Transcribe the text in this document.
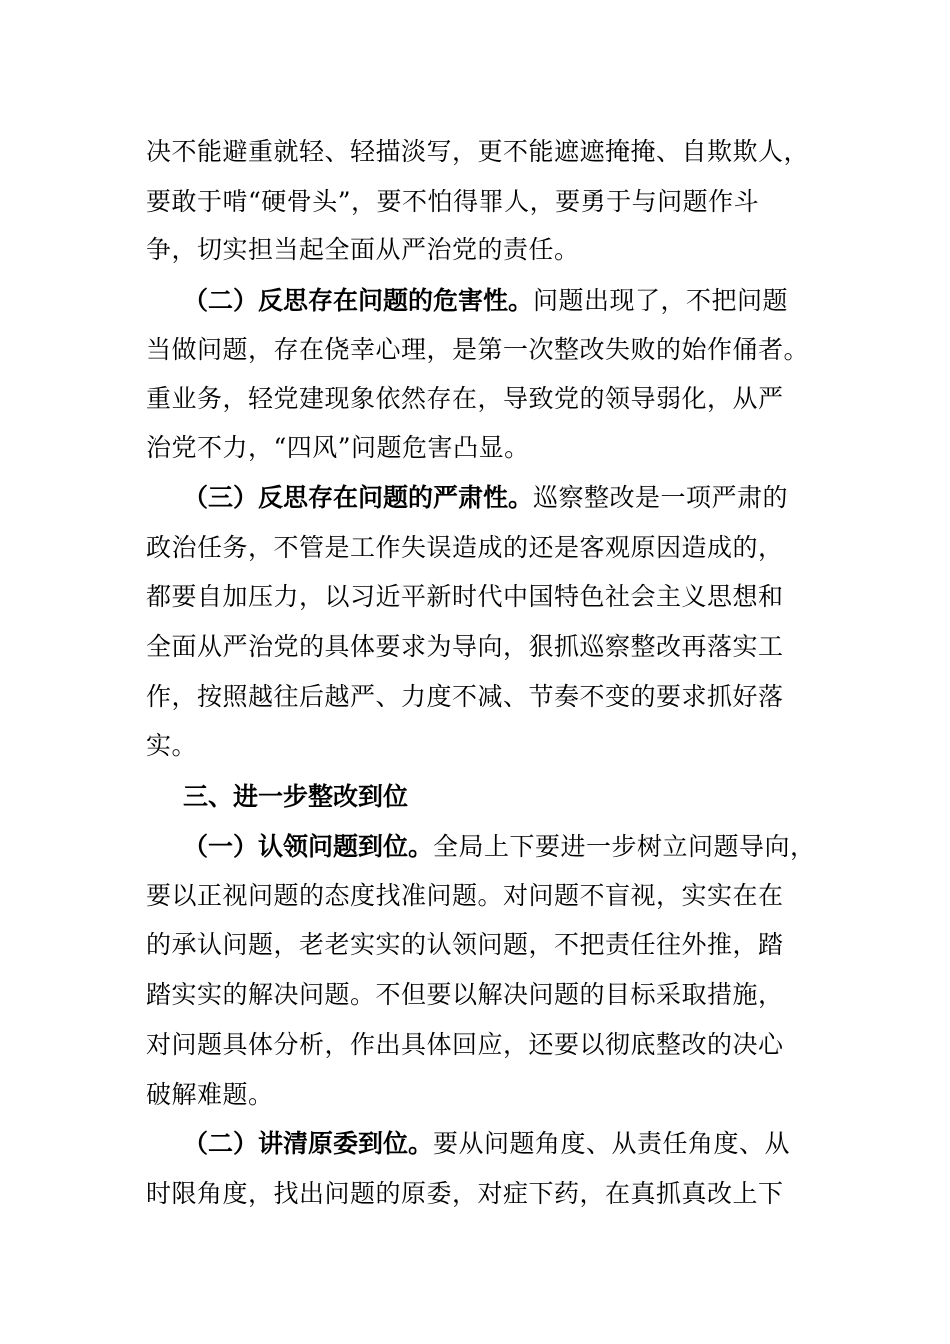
决不能避重就轻、轻描淡写，更不能遮遮掩掩、自欺欺人，
要敢于啃“硬骨头”，要不怕得罪人，要勇于与问题作斗
争，切实担当起全面从严治党的责任。
（二）反思存在问题的危害性。问题出现了，不把问题
当做问题，存在侥幸心理，是第一次整改失败的始作俑者。
重业务，轻党建现象依然存在，导致党的领导弱化，从严
治党不力，“四风”问题危害凸显。
（三）反思存在问题的严肃性。巡察整改是一项严肃的
政治任务，不管是工作失误造成的还是客观原因造成的，
都要自加压力，以习近平新时代中国特色社会主义思想和
全面从严治党的具体要求为导向，狠抓巡察整改再落实工
作，按照越往后越严、力度不减、节奏不变的要求抓好落
实。
三、进一步整改到位
（一）认领问题到位。全局上下要进一步树立问题导向，
要以正视问题的态度找准问题。对问题不盲视，实实在在
的承认问题，老老实实的认领问题，不把责任往外推，踏
踏实实的解决问题。不但要以解决问题的目标采取措施，
对问题具体分析，作出具体回应，还要以彻底整改的决心
破解难题。
（二）讲清原委到位。要从问题角度、从责任角度、从
时限角度，找出问题的原委，对症下药，在真抓真改上下
